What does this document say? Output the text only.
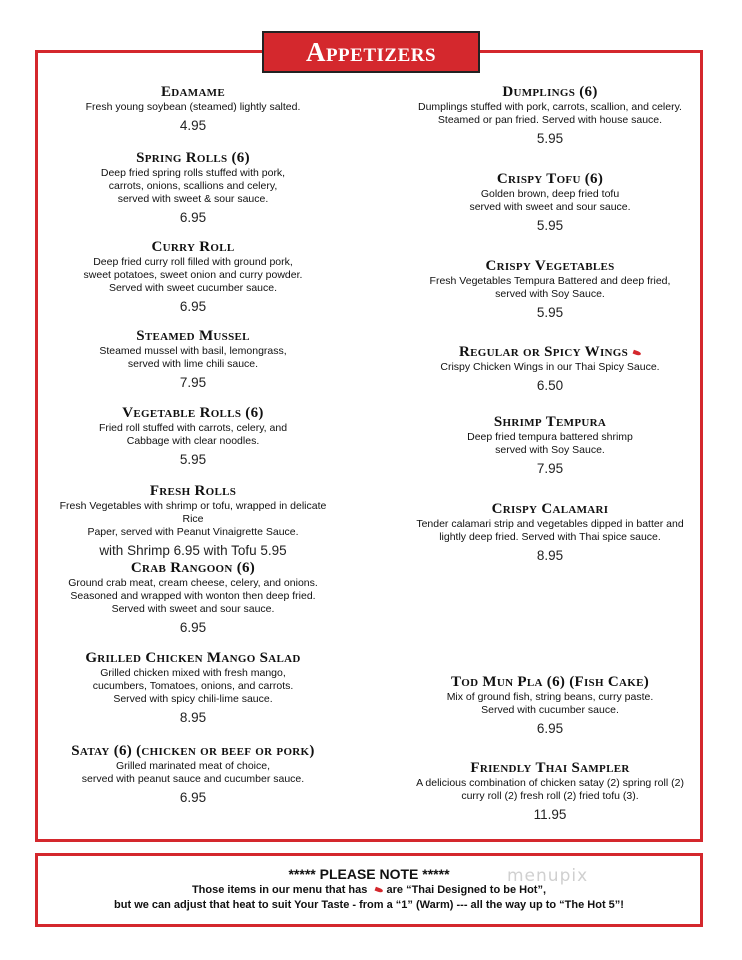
Appetizers
Edamame
Fresh young soybean (steamed) lightly salted.
4.95
Spring Rolls (6)
Deep fried spring rolls stuffed with pork,
carrots, onions, scallions and celery,
served with sweet & sour sauce.
6.95
Curry Roll
Deep fried curry roll filled with ground pork,
sweet potatoes, sweet onion and curry powder.
Served with sweet cucumber sauce.
6.95
Steamed Mussel
Steamed mussel with basil, lemongrass,
served with lime chili sauce.
7.95
Vegetable Rolls (6)
Fried roll stuffed with carrots, celery, and
Cabbage with clear noodles.
5.95
Fresh Rolls
Fresh Vegetables with shrimp or tofu, wrapped in delicate Rice
Paper, served with Peanut Vinaigrette Sauce.
with Shrimp 6.95 with Tofu 5.95
Crab Rangoon (6)
Ground crab meat, cream cheese, celery, and onions.
Seasoned and wrapped with wonton then deep fried.
Served with sweet and sour sauce.
6.95
Grilled Chicken Mango Salad
Grilled chicken mixed with fresh mango,
cucumbers, Tomatoes, onions, and carrots.
Served with spicy chili-lime sauce.
8.95
Satay (6) (chicken or beef or pork)
Grilled marinated meat of choice,
served with peanut sauce and cucumber sauce.
6.95
Dumplings (6)
Dumplings stuffed with pork, carrots, scallion, and celery.
Steamed or pan fried. Served with house sauce.
5.95
Crispy Tofu (6)
Golden brown, deep fried tofu
served with sweet and sour sauce.
5.95
Crispy Vegetables
Fresh Vegetables Tempura Battered and deep fried,
served with Soy Sauce.
5.95
Regular or Spicy Wings
Crispy Chicken Wings in our Thai Spicy Sauce.
6.50
Shrimp Tempura
Deep fried tempura battered shrimp
served with Soy Sauce.
7.95
Crispy Calamari
Tender calamari strip and vegetables dipped in batter and
lightly deep fried. Served with Thai spice sauce.
8.95
Tod Mun Pla (6) (Fish Cake)
Mix of ground fish, string beans, curry paste.
Served with cucumber sauce.
6.95
Friendly Thai Sampler
A delicious combination of chicken satay (2) spring roll (2)
curry roll (2) fresh roll (2) fried tofu (3).
11.95
***** PLEASE NOTE *****
Those items in our menu that has are “Thai Designed to be Hot”,
but we can adjust that heat to suit Your Taste - from a “1” (Warm) --- all the way up to “The Hot 5”!
menupix
